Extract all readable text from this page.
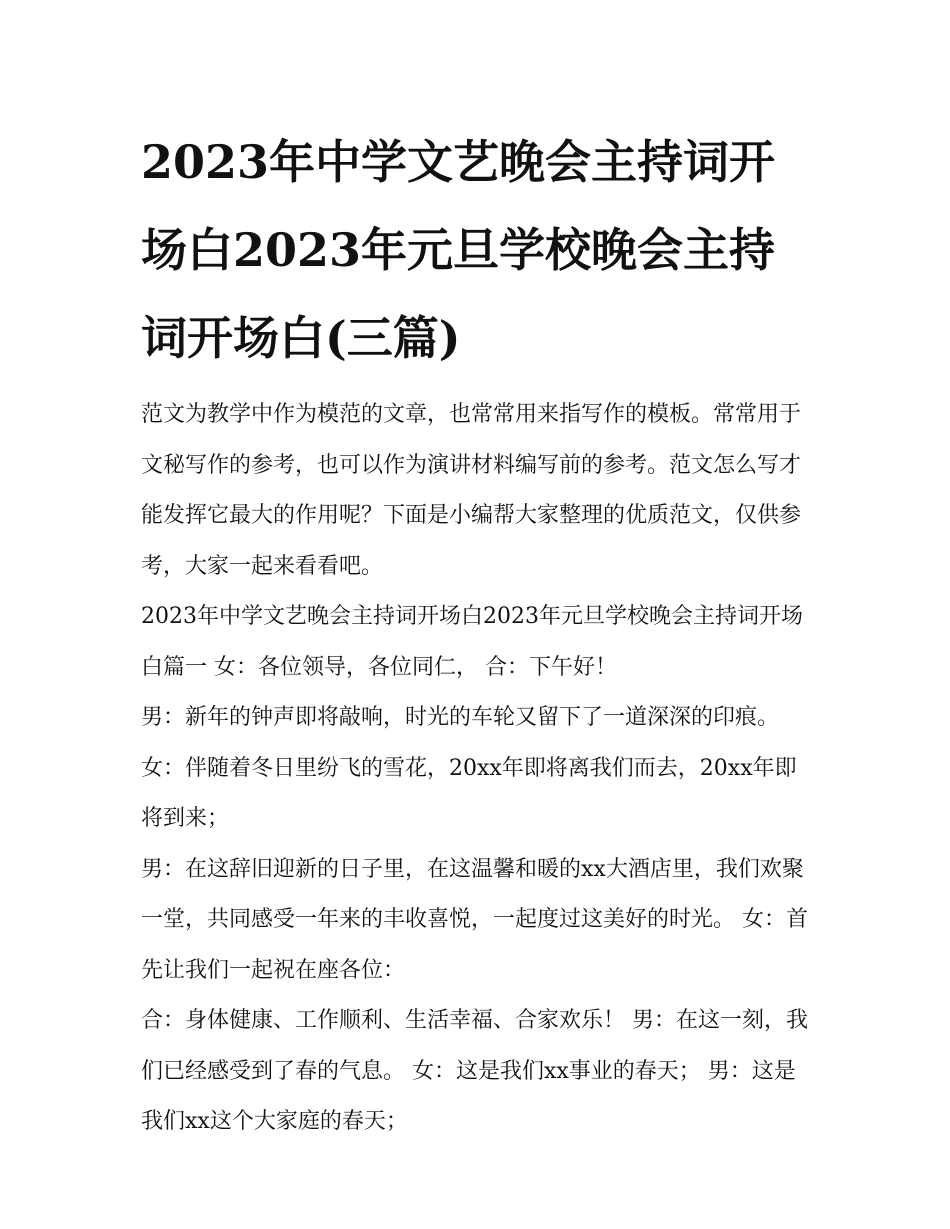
2023年中学文艺晚会主持词开场白2023年元旦学校晚会主持词开场白(三篇)

范文为教学中作为模范的文章，也常常用来指写作的模板。常常用于文秘写作的参考，也可以作为演讲材料编写前的参考。范文怎么写才能发挥它最大的作用呢？下面是小编帮大家整理的优质范文，仅供参考，大家一起来看看吧。

2023年中学文艺晚会主持词开场白2023年元旦学校晚会主持词开场白篇一 女：各位领导，各位同仁， 合：下午好！

男：新年的钟声即将敲响，时光的车轮又留下了一道深深的印痕。 女：伴随着冬日里纷飞的雪花，20xx年即将离我们而去，20xx年即将到来；

男：在这辞旧迎新的日子里，在这温馨和暖的xx大酒店里，我们欢聚一堂，共同感受一年来的丰收喜悦，一起度过这美好的时光。 女：首先让我们一起祝在座各位：

合：身体健康、工作顺利、生活幸福、合家欢乐！ 男：在这一刻，我们已经感受到了春的气息。 女：这是我们xx事业的春天； 男：这是我们xx这个大家庭的春天；
